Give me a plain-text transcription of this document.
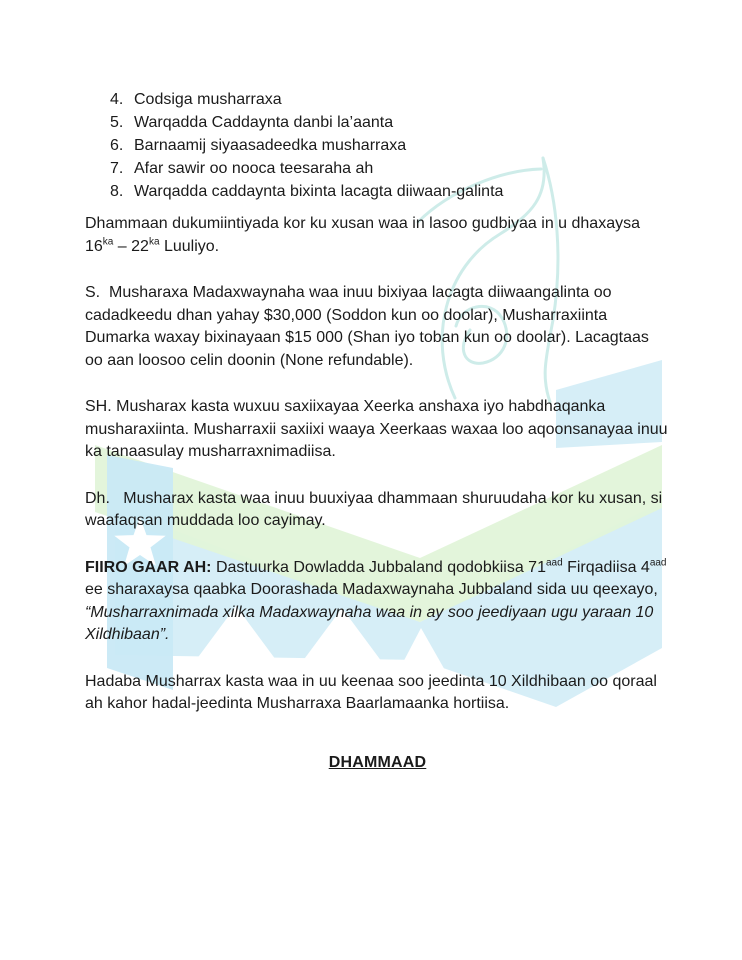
4. Codsiga musharraxa
5. Warqadda Caddaynta danbi la’aanta
6. Barnaamij siyaasadeedka musharraxa
7. Afar sawir oo nooca teesaraha ah
8. Warqadda caddaynta bixinta lacagta diiwaan-galinta

Dhammaan dukumiintiyada kor ku xusan waa in lasoo gudbiyaa in u dhaxaysa $16^{ka} - 22^{ka}$ Luuliyo.

S.  Musharaxa Madaxwaynaha waa inuu bixiyaa lacagta diiwaangalinta oo cadadkeedu dhan yahay $30,000 (Soddon kun oo doolar), Musharraxiinta Dumarka waxay bixinayaan $15 000 (Shan iyo toban kun oo doolar). Lacagtaas oo aan loosoo celin doonin (None refundable).

SH. Musharax kasta wuxuu saxiixayaa Xeerka anshaxa iyo habdhaqanka musharaxiinta. Musharraxii saxiixi waaya Xeerkaas waxaa loo aqoonsanayaa inuu ka tanaasulay musharraxnimadiisa.

Dh.   Musharax kasta waa inuu buuxiyaa dhammaan shuruudaha kor ku xusan, si waafaqsan muddada loo cayimay.

FIIRO GAAR AH: Dastuurka Dowladda Jubbaland qodobkiisa $71^{aad}$ Firqadiisa $4^{aad}$ ee sharaxaysa qaabka Doorashada Madaxwaynaha Jubbaland sida uu qeexayo, “Musharraxnimada xilka Madaxwaynaha waa in ay soo jeediyaan ugu yaraan 10 Xildhibaan”.

Hadaba Musharrax kasta waa in uu keenaa soo jeedinta 10 Xildhibaan oo qoraal ah kahor hadal-jeedinta Musharraxa Baarlamaanka hortiisa.

DHAMMAAD
